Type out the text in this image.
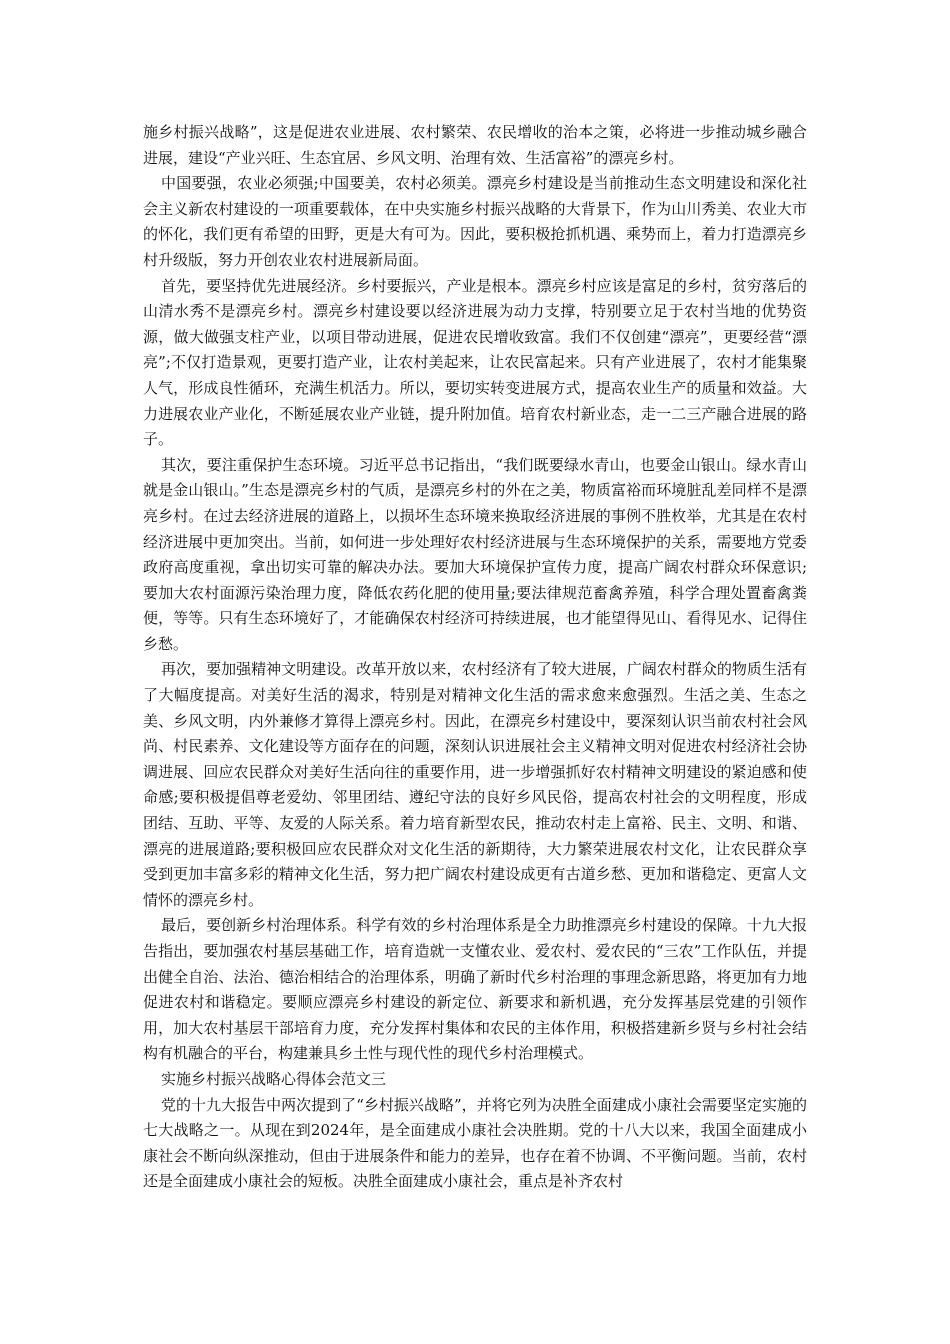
施乡村振兴战略”，这是促进农业进展、农村繁荣、农民增收的治本之策，必将进一步推动城乡融合进展，建设“产业兴旺、生态宜居、乡风文明、治理有效、生活富裕”的漂亮乡村。

中国要强，农业必须强;中国要美，农村必须美。漂亮乡村建设是当前推动生态文明建设和深化社会主义新农村建设的一项重要载体，在中央实施乡村振兴战略的大背景下，作为山川秀美、农业大市的怀化，我们更有希望的田野，更是大有可为。因此，要积极抢抓机遇、乘势而上，着力打造漂亮乡村升级版，努力开创农业农村进展新局面。

首先，要坚持优先进展经济。乡村要振兴，产业是根本。漂亮乡村应该是富足的乡村，贫穷落后的山清水秀不是漂亮乡村。漂亮乡村建设要以经济进展为动力支撑，特别要立足于农村当地的优势资源，做大做强支柱产业，以项目带动进展，促进农民增收致富。我们不仅创建“漂亮”，更要经营“漂亮”;不仅打造景观，更要打造产业，让农村美起来，让农民富起来。只有产业进展了，农村才能集聚人气，形成良性循环，充满生机活力。所以，要切实转变进展方式，提高农业生产的质量和效益。大力进展农业产业化，不断延展农业产业链，提升附加值。培育农村新业态，走一二三产融合进展的路子。

其次，要注重保护生态环境。习近平总书记指出，“我们既要绿水青山，也要金山银山。绿水青山就是金山银山。”生态是漂亮乡村的气质，是漂亮乡村的外在之美，物质富裕而环境脏乱差同样不是漂亮乡村。在过去经济进展的道路上，以损坏生态环境来换取经济进展的事例不胜枚举，尤其是在农村经济进展中更加突出。当前，如何进一步处理好农村经济进展与生态环境保护的关系，需要地方党委政府高度重视，拿出切实可靠的解决办法。要加大环境保护宣传力度，提高广阔农村群众环保意识;要加大农村面源污染治理力度，降低农药化肥的使用量;要法律规范畜禽养殖，科学合理处置畜禽粪便，等等。只有生态环境好了，才能确保农村经济可持续进展，也才能望得见山、看得见水、记得住乡愁。

再次，要加强精神文明建设。改革开放以来，农村经济有了较大进展，广阔农村群众的物质生活有了大幅度提高。对美好生活的渴求，特别是对精神文化生活的需求愈来愈强烈。生活之美、生态之美、乡风文明，内外兼修才算得上漂亮乡村。因此，在漂亮乡村建设中，要深刻认识当前农村社会风尚、村民素养、文化建设等方面存在的问题，深刻认识进展社会主义精神文明对促进农村经济社会协调进展、回应农民群众对美好生活向往的重要作用，进一步增强抓好农村精神文明建设的紧迫感和使命感;要积极提倡尊老爱幼、邻里团结、遵纪守法的良好乡风民俗，提高农村社会的文明程度，形成团结、互助、平等、友爱的人际关系。着力培育新型农民，推动农村走上富裕、民主、文明、和谐、漂亮的进展道路;要积极回应农民群众对文化生活的新期待，大力繁荣进展农村文化，让农民群众享受到更加丰富多彩的精神文化生活，努力把广阔农村建设成更有古道乡愁、更加和谐稳定、更富人文情怀的漂亮乡村。

最后，要创新乡村治理体系。科学有效的乡村治理体系是全力助推漂亮乡村建设的保障。十九大报告指出，要加强农村基层基础工作，培育造就一支懂农业、爱农村、爱农民的“三农”工作队伍，并提出健全自治、法治、德治相结合的治理体系，明确了新时代乡村治理的事理念新思路，将更加有力地促进农村和谐稳定。要顺应漂亮乡村建设的新定位、新要求和新机遇，充分发挥基层党建的引领作用，加大农村基层干部培育力度，充分发挥村集体和农民的主体作用，积极搭建新乡贤与乡村社会结构有机融合的平台，构建兼具乡土性与现代性的现代乡村治理模式。

实施乡村振兴战略心得体会范文三

党的十九大报告中两次提到了“乡村振兴战略”，并将它列为决胜全面建成小康社会需要坚定实施的七大战略之一。从现在到2024年，是全面建成小康社会决胜期。党的十八大以来，我国全面建成小康社会不断向纵深推动，但由于进展条件和能力的差异，也存在着不协调、不平衡问题。当前，农村还是全面建成小康社会的短板。决胜全面建成小康社会，重点是补齐农村
